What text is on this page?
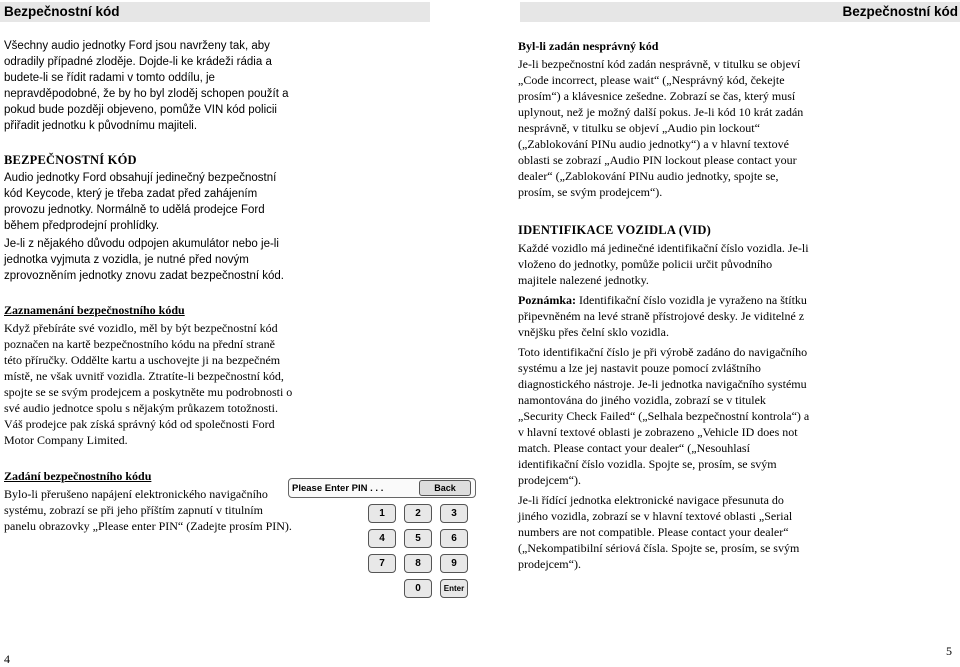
Bezpečnostní kód	Bezpečnostní kód

Všechny audio jednotky Ford jsou navrženy tak, aby odradily případné zloděje. Dojde-li ke krádeži rádia a budete-li se řídit radami v tomto oddílu, je nepravděpodobné, že by ho byl zloděj schopen použít a pokud bude později objeveno, pomůže VIN kód policii přiřadit jednotku k původnímu majiteli.

BEZPEČNOSTNÍ KÓD

Audio jednotky Ford obsahují jedinečný bezpečnostní kód Keycode, který je třeba zadat před zahájením provozu jednotky. Normálně to udělá prodejce Ford během předprodejní prohlídky.

Je-li z nějakého důvodu odpojen akumulátor nebo je-li jednotka vyjmuta z vozidla, je nutné před novým zprovozněním jednotky znovu zadat bezpečnostní kód.

Zaznamenání bezpečnostního kódu

Když přebíráte své vozidlo, měl by být bezpečnostní kód poznačen na kartě bezpečnostního kódu na přední straně této příručky. Oddělte kartu a uschovejte ji na bezpečném místě, ne však uvnitř vozidla. Ztratíte-li bezpečnostní kód, spojte se se svým prodejcem a poskytněte mu podrobnosti o své audio jednotce spolu s nějakým průkazem totožnosti. Váš prodejce pak získá správný kód od společnosti Ford Motor Company Limited.

Zadání bezpečnostního kódu

Bylo-li přerušeno napájení elektronického navigačního systému, zobrazí se při jeho příštím zapnutí v titulním panelu obrazovky „Please enter PIN“ (Zadejte prosím PIN).

Please Enter PIN . . .	Back
1	2	3
4	5	6
7	8	9
0	Enter

Byl-li zadán nesprávný kód

Je-li bezpečnostní kód zadán nesprávně, v titulku se objeví „Code incorrect, please wait“ („Nesprávný kód, čekejte prosím“) a klávesnice zešedne. Zobrazí se čas, který musí uplynout, než je možný další pokus. Je-li kód 10 krát zadán nesprávně, v titulku se objeví „Audio pin lockout“ („Zablokování PINu audio jednotky“) a v hlavní textové oblasti se zobrazí „Audio PIN lockout please contact your dealer“ („Zablokování PINu audio jednotky, spojte se, prosím, se svým prodejcem“).

IDENTIFIKACE VOZIDLA (VID)

Každé vozidlo má jedinečné identifikační číslo vozidla. Je-li vloženo do jednotky, pomůže policii určit původního majitele nalezené jednotky.

Poznámka: Identifikační číslo vozidla je vyraženo na štítku připevněném na levé straně přístrojové desky. Je viditelné z vnějšku přes čelní sklo vozidla.

Toto identifikační číslo je při výrobě zadáno do navigačního systému a lze jej nastavit pouze pomocí zvláštního diagnostického nástroje. Je-li jednotka navigačního systému namontována do jiného vozidla, zobrazí se v titulek „Security Check Failed“ („Selhala bezpečnostní kontrola“) a v hlavní textové oblasti je zobrazeno „Vehicle ID does not match. Please contact your dealer“ („Nesouhlasí identifikační číslo vozidla. Spojte se, prosím, se svým prodejcem“).

Je-li řídící jednotka elektronické navigace přesunuta do jiného vozidla, zobrazí se v hlavní textové oblasti „Serial numbers are not compatible. Please contact your dealer“ („Nekompatibilní sériová čísla. Spojte se, prosím, se svým prodejcem“).

4
5
